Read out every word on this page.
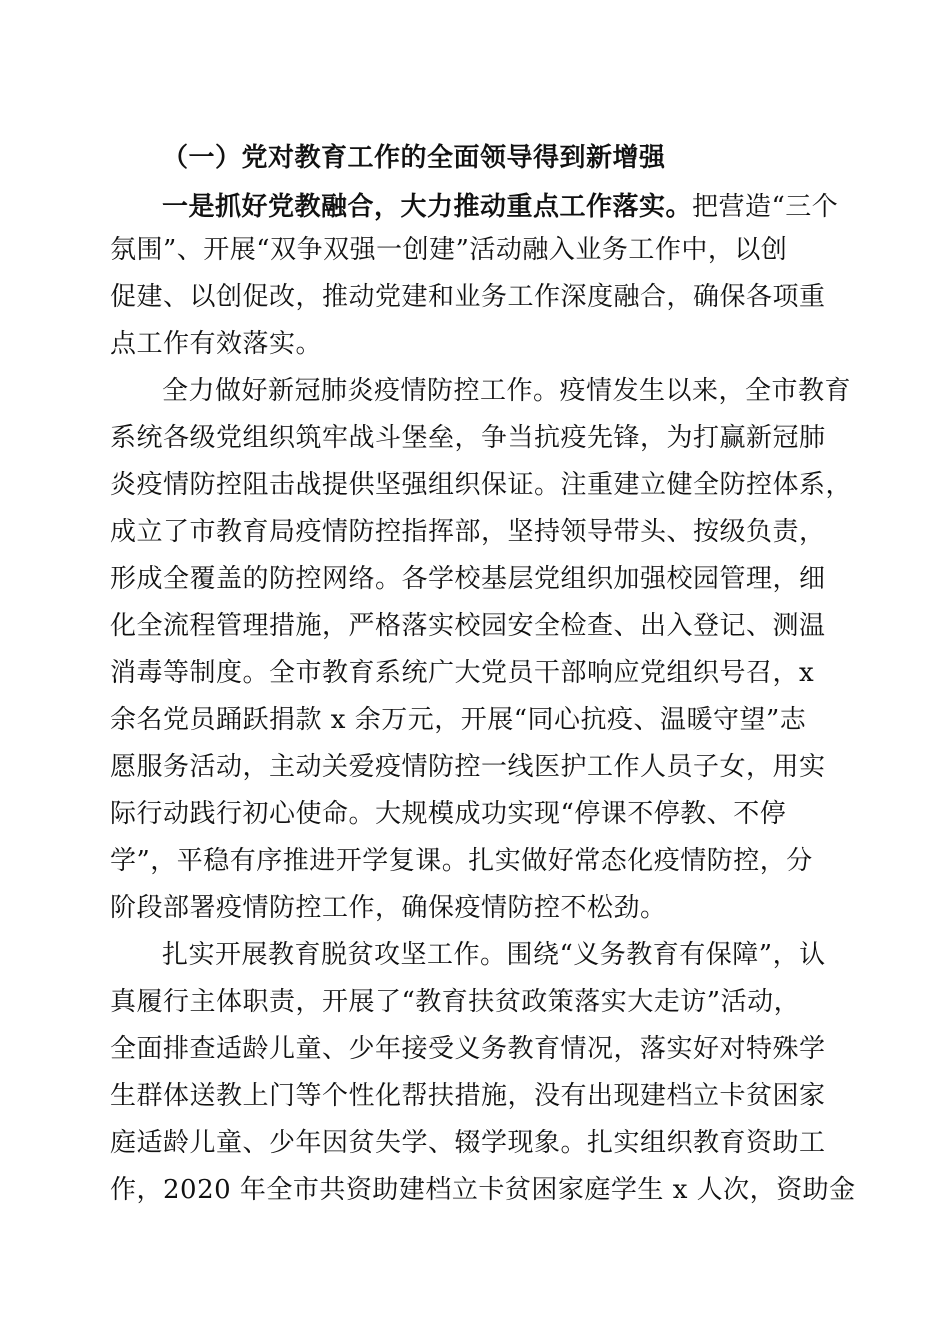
（一）党对教育工作的全面领导得到新增强
一是抓好党教融合，大力推动重点工作落实。把营造“三个
氛围”、开展“双争双强一创建”活动融入业务工作中，以创
促建、以创促改，推动党建和业务工作深度融合，确保各项重
点工作有效落实。
全力做好新冠肺炎疫情防控工作。疫情发生以来，全市教育
系统各级党组织筑牢战斗堡垒，争当抗疫先锋，为打赢新冠肺
炎疫情防控阻击战提供坚强组织保证。注重建立健全防控体系，
成立了市教育局疫情防控指挥部，坚持领导带头、按级负责，
形成全覆盖的防控网络。各学校基层党组织加强校园管理，细
化全流程管理措施，严格落实校园安全检查、出入登记、测温
消毒等制度。全市教育系统广大党员干部响应党组织号召，x
余名党员踊跃捐款 x 余万元，开展“同心抗疫、温暖守望”志
愿服务活动，主动关爱疫情防控一线医护工作人员子女，用实
际行动践行初心使命。大规模成功实现“停课不停教、不停
学”，平稳有序推进开学复课。扎实做好常态化疫情防控，分
阶段部署疫情防控工作，确保疫情防控不松劲。
扎实开展教育脱贫攻坚工作。围绕“义务教育有保障”，认
真履行主体职责，开展了“教育扶贫政策落实大走访”活动，
全面排查适龄儿童、少年接受义务教育情况，落实好对特殊学
生群体送教上门等个性化帮扶措施，没有出现建档立卡贫困家
庭适龄儿童、少年因贫失学、辍学现象。扎实组织教育资助工
作，2020 年全市共资助建档立卡贫困家庭学生 x 人次，资助金
